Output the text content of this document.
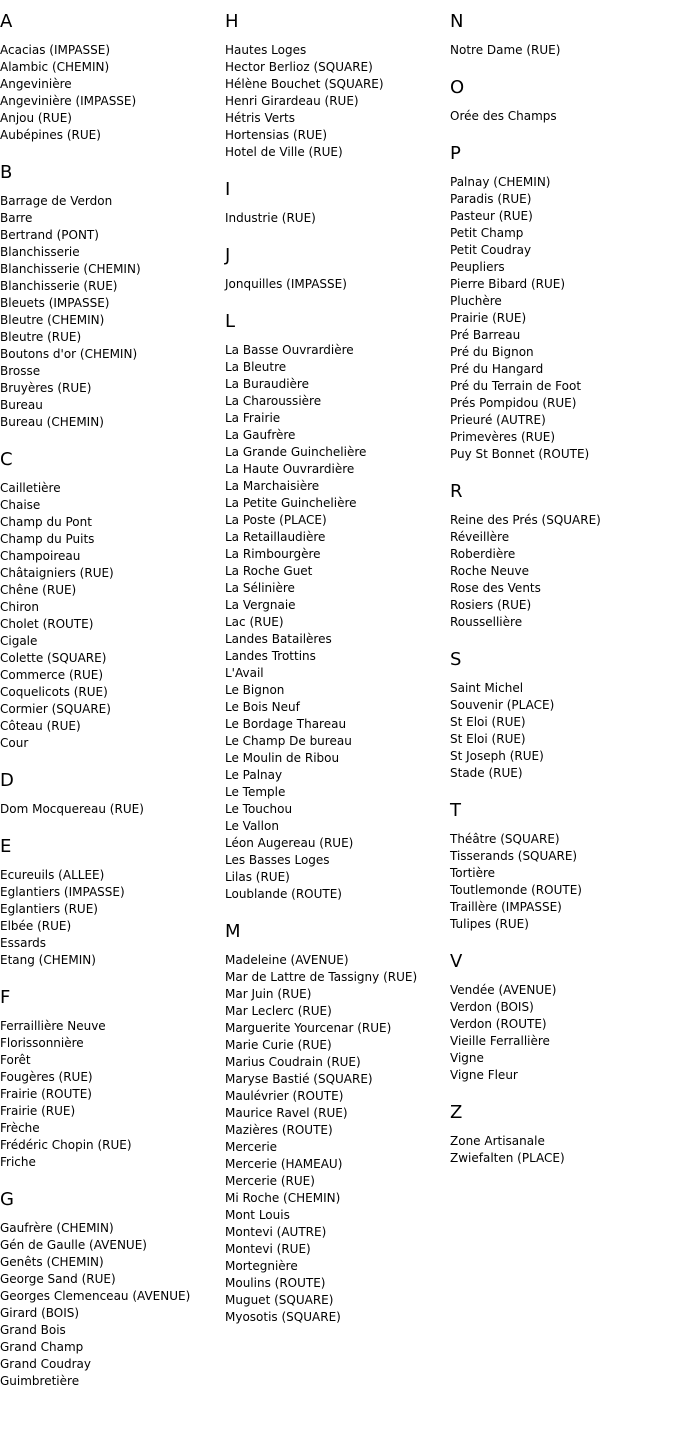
A
Acacias (IMPASSE)
Alambic (CHEMIN)
Angevinière
Angevinière (IMPASSE)
Anjou (RUE)
Aubépines (RUE)
B
Barrage de Verdon
Barre
Bertrand (PONT)
Blanchisserie
Blanchisserie (CHEMIN)
Blanchisserie (RUE)
Bleuets (IMPASSE)
Bleutre (CHEMIN)
Bleutre (RUE)
Boutons d'or (CHEMIN)
Brosse
Bruyères (RUE)
Bureau
Bureau (CHEMIN)
C
Cailletière
Chaise
Champ du Pont
Champ du Puits
Champoireau
Châtaigniers (RUE)
Chêne (RUE)
Chiron
Cholet (ROUTE)
Cigale
Colette (SQUARE)
Commerce (RUE)
Coquelicots (RUE)
Cormier (SQUARE)
Côteau (RUE)
Cour
D
Dom Mocquereau (RUE)
E
Ecureuils (ALLEE)
Eglantiers (IMPASSE)
Eglantiers (RUE)
Elbée (RUE)
Essards
Etang (CHEMIN)
F
Ferraillière Neuve
Florissonnière
Forêt
Fougères (RUE)
Frairie (ROUTE)
Frairie (RUE)
Frèche
Frédéric Chopin (RUE)
Friche
G
Gaufrère (CHEMIN)
Gén de Gaulle (AVENUE)
Genêts (CHEMIN)
George Sand (RUE)
Georges Clemenceau (AVENUE)
Girard (BOIS)
Grand Bois
Grand Champ
Grand Coudray
Guimbretière
H
Hautes Loges
Hector Berlioz (SQUARE)
Hélène Bouchet (SQUARE)
Henri Girardeau (RUE)
Hétris Verts
Hortensias (RUE)
Hotel de Ville (RUE)
I
Industrie (RUE)
J
Jonquilles (IMPASSE)
L
La Basse Ouvrardière
La Bleutre
La Buraudière
La Charoussière
La Frairie
La Gaufrère
La Grande Guinchelière
La Haute Ouvrardière
La Marchaisière
La Petite Guinchelière
La Poste (PLACE)
La Retaillaudière
La Rimbourgère
La Roche Guet
La Sélinière
La Vergnaie
Lac (RUE)
Landes Batailères
Landes Trottins
L'Avail
Le Bignon
Le Bois Neuf
Le Bordage Thareau
Le Champ De bureau
Le Moulin de Ribou
Le Palnay
Le Temple
Le Touchou
Le Vallon
Léon Augereau (RUE)
Les Basses Loges
Lilas (RUE)
Loublande (ROUTE)
M
Madeleine (AVENUE)
Mar de Lattre de Tassigny (RUE)
Mar Juin (RUE)
Mar Leclerc (RUE)
Marguerite Yourcenar (RUE)
Marie Curie (RUE)
Marius Coudrain (RUE)
Maryse Bastié (SQUARE)
Maulévrier (ROUTE)
Maurice Ravel (RUE)
Mazières (ROUTE)
Mercerie
Mercerie (HAMEAU)
Mercerie (RUE)
Mi Roche (CHEMIN)
Mont Louis
Montevi (AUTRE)
Montevi (RUE)
Mortegnière
Moulins (ROUTE)
Muguet (SQUARE)
Myosotis (SQUARE)
N
Notre Dame (RUE)
O
Orée des Champs
P
Palnay (CHEMIN)
Paradis (RUE)
Pasteur (RUE)
Petit Champ
Petit Coudray
Peupliers
Pierre Bibard (RUE)
Pluchère
Prairie (RUE)
Pré Barreau
Pré du Bignon
Pré du Hangard
Pré du Terrain de Foot
Prés Pompidou (RUE)
Prieuré (AUTRE)
Primevères (RUE)
Puy St Bonnet (ROUTE)
R
Reine des Prés (SQUARE)
Réveillère
Roberdière
Roche Neuve
Rose des Vents
Rosiers (RUE)
Roussellière
S
Saint Michel
Souvenir (PLACE)
St Eloi (RUE)
St Eloi (RUE)
St Joseph (RUE)
Stade (RUE)
T
Théâtre (SQUARE)
Tisserands (SQUARE)
Tortière
Toutlemonde (ROUTE)
Traillère (IMPASSE)
Tulipes (RUE)
V
Vendée (AVENUE)
Verdon (BOIS)
Verdon (ROUTE)
Vieille Ferrallière
Vigne
Vigne Fleur
Z
Zone Artisanale
Zwiefalten (PLACE)
